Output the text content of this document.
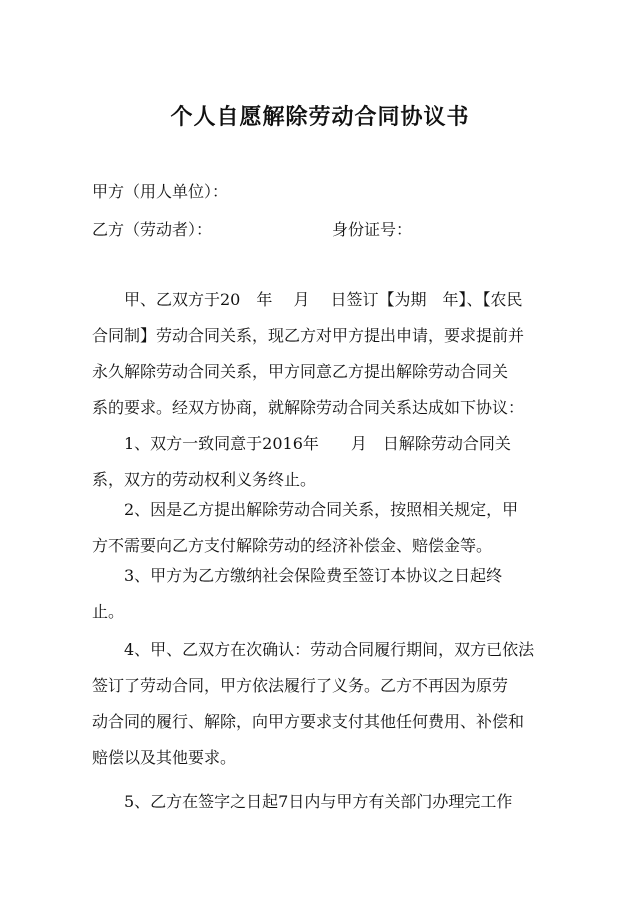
个人自愿解除劳动合同协议书
甲方（用人单位）：
乙方（劳动者）：	身份证号：
　　甲、乙双方于20　年　 月　 日签订【为期　年】、【农民
合同制】劳动合同关系，现乙方对甲方提出申请，要求提前并
永久解除劳动合同关系，甲方同意乙方提出解除劳动合同关
系的要求。经双方协商，就解除劳动合同关系达成如下协议：
　　1、双方一致同意于2016年　　月　日解除劳动合同关
系，双方的劳动权利义务终止。
　　2、因是乙方提出解除劳动合同关系，按照相关规定，甲
方不需要向乙方支付解除劳动的经济补偿金、赔偿金等。
　　3、甲方为乙方缴纳社会保险费至签订本协议之日起终
止。
　　4、甲、乙双方在次确认：劳动合同履行期间，双方已依法
签订了劳动合同，甲方依法履行了义务。乙方不再因为原劳
动合同的履行、解除，向甲方要求支付其他任何费用、补偿和
赔偿以及其他要求。
　　5、乙方在签字之日起7日内与甲方有关部门办理完工作
